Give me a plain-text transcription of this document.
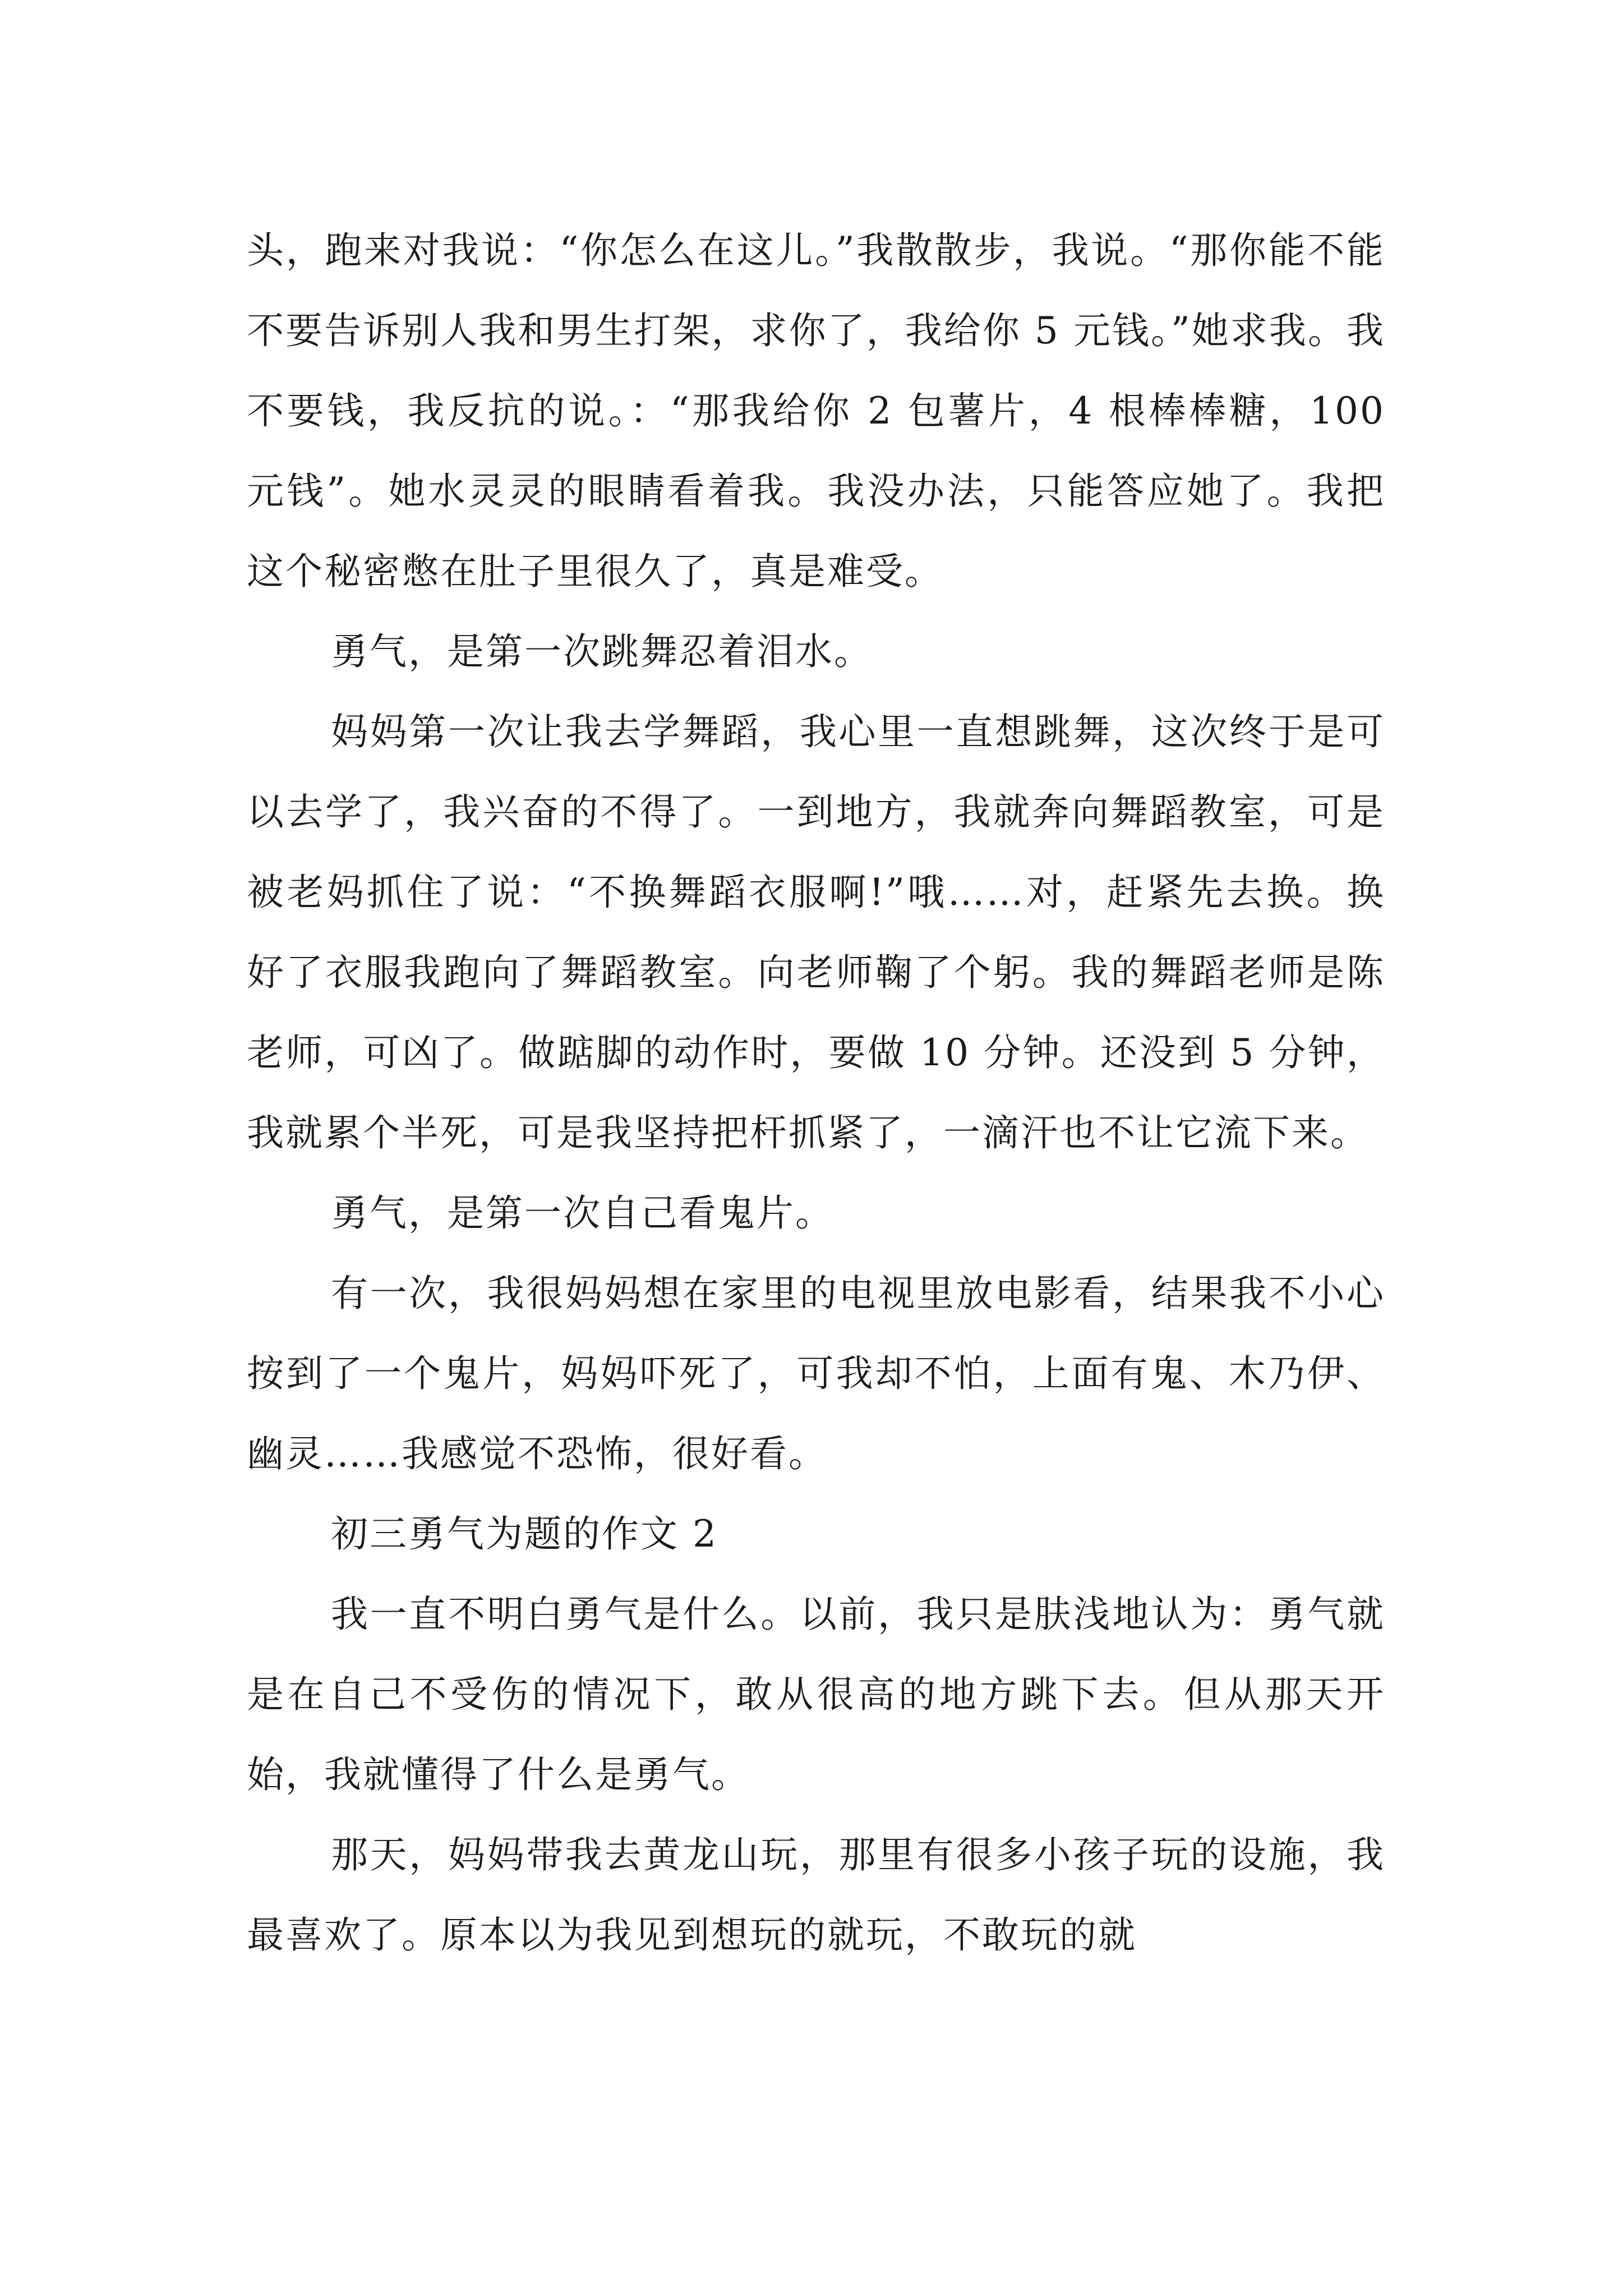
头，跑来对我说：“你怎么在这儿。”我散散步，我说。“那你能不能不要告诉别人我和男生打架，求你了，我给你 5 元钱。”她求我。我不要钱，我反抗的说。：“那我给你 2 包薯片，4 根棒棒糖，100 元钱”。她水灵灵的眼睛看着我。我没办法，只能答应她了。我把这个秘密憋在肚子里很久了，真是难受。

勇气，是第一次跳舞忍着泪水。

妈妈第一次让我去学舞蹈，我心里一直想跳舞，这次终于是可以去学了，我兴奋的不得了。一到地方，我就奔向舞蹈教室，可是被老妈抓住了说：“不换舞蹈衣服啊!”哦……对，赶紧先去换。换好了衣服我跑向了舞蹈教室。向老师鞠了个躬。我的舞蹈老师是陈老师，可凶了。做踮脚的动作时，要做 10 分钟。还没到 5 分钟，我就累个半死，可是我坚持把杆抓紧了，一滴汗也不让它流下来。

勇气，是第一次自己看鬼片。

有一次，我很妈妈想在家里的电视里放电影看，结果我不小心按到了一个鬼片，妈妈吓死了，可我却不怕，上面有鬼、木乃伊、幽灵……我感觉不恐怖，很好看。

初三勇气为题的作文 2

我一直不明白勇气是什么。以前，我只是肤浅地认为：勇气就是在自己不受伤的情况下，敢从很高的地方跳下去。但从那天开始，我就懂得了什么是勇气。

那天，妈妈带我去黄龙山玩，那里有很多小孩子玩的设施，我最喜欢了。原本以为我见到想玩的就玩，不敢玩的就
